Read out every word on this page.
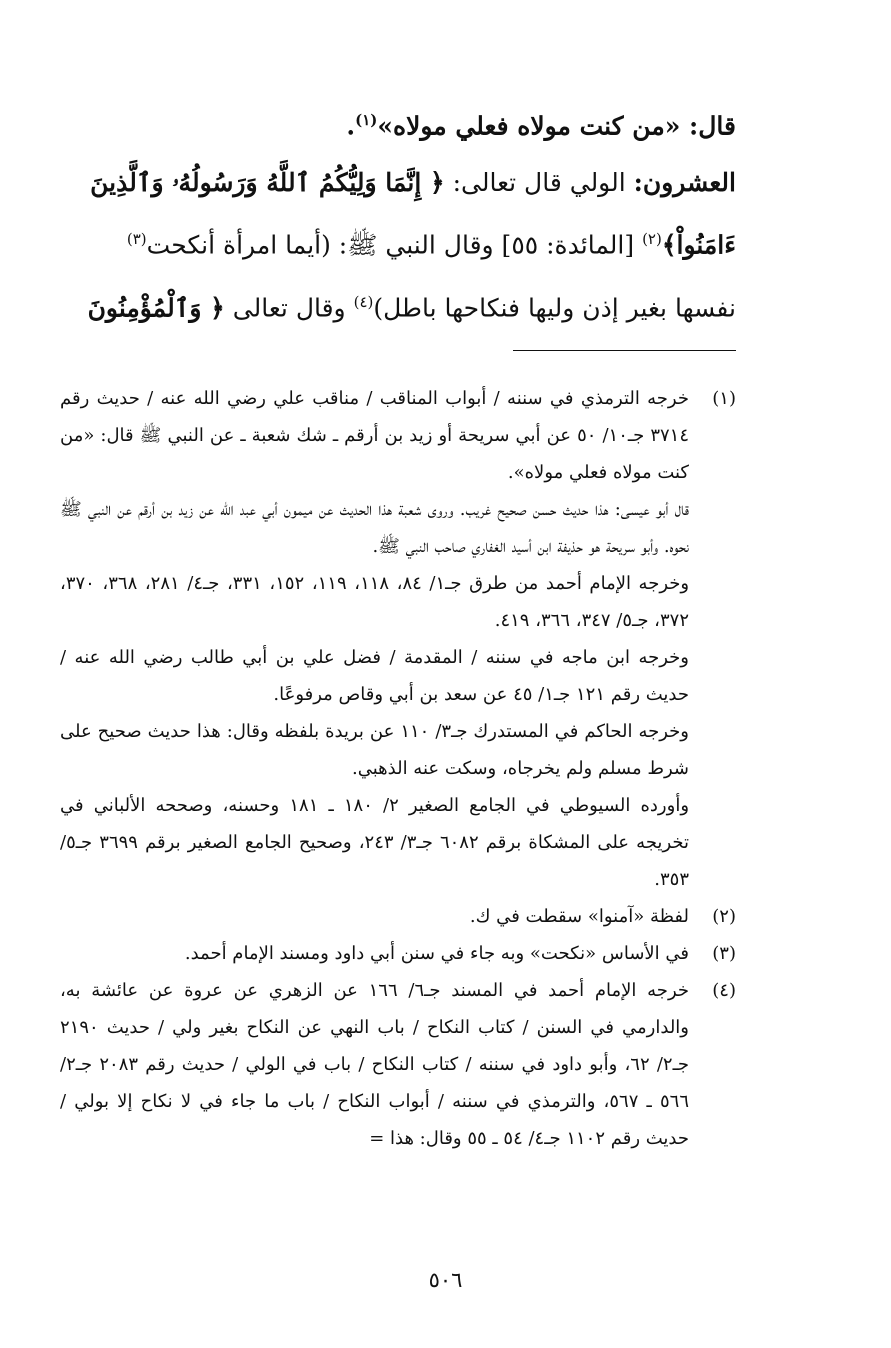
قال: «من كنت مولاه فعلي مولاه»$^{(١)}$.
العشرون: الولي قال تعالى: ﴿ إِنَّمَا وَلِيُّكُمُ ٱللَّهُ وَرَسُولُهُۥ وَٱلَّذِينَ
ءَامَنُواْ﴾$^{(٢)}$ [المائدة: ٥٥] وقال النبي ﷺ: (أيما امرأة أنكحت$^{(٣)}$
نفسها بغير إذن وليها فنكاحها باطل)$^{(٤)}$ وقال تعالى ﴿ وَٱلْمُؤْمِنُونَ
(١)

خرجه الترمذي في سننه / أبواب المناقب / مناقب علي رضي الله عنه / حديث رقم ٣٧١٤ جـ١٠/ ٥٠ عن أبي سريحة أو زيد بن أرقم ـ شك شعبة ـ عن النبي ﷺ قال: «من كنت مولاه فعلي مولاه».

قال أبو عيسى: هذا حديث حسن صحيح غريب. وروى شعبة هذا الحديث عن ميمون أبي عبد الله عن زيد بن أرقم عن النبي ﷺ نحوه. وأبو سريحة هو حذيفة ابن أسيد الغفاري صاحب النبي ﷺ.

وخرجه الإمام أحمد من طرق جـ١/ ٨٤، ١١٨، ١١٩، ١٥٢، ٣٣١، جـ٤/ ٢٨١، ٣٦٨، ٣٧٠، ٣٧٢، جـ٥/ ٣٤٧، ٣٦٦، ٤١٩.

وخرجه ابن ماجه في سننه / المقدمة / فضل علي بن أبي طالب رضي الله عنه / حديث رقم ١٢١ جـ١/ ٤٥ عن سعد بن أبي وقاص مرفوعًا.

وخرجه الحاكم في المستدرك جـ٣/ ١١٠ عن بريدة بلفظه وقال: هذا حديث صحيح على شرط مسلم ولم يخرجاه، وسكت عنه الذهبي.

وأورده السيوطي في الجامع الصغير ٢/ ١٨٠ ـ ١٨١ وحسنه، وصححه الألباني في تخريجه على المشكاة برقم ٦٠٨٢ جـ٣/ ٢٤٣، وصحيح الجامع الصغير برقم ٣٦٩٩ جـ٥/ ٣٥٣.

(٢)

لفظة «آمنوا» سقطت في ك.

(٣)

في الأساس «نكحت» وبه جاء في سنن أبي داود ومسند الإمام أحمد.

(٤)

خرجه الإمام أحمد في المسند جـ٦/ ١٦٦ عن الزهري عن عروة عن عائشة به، والدارمي في السنن / كتاب النكاح / باب النهي عن النكاح بغير ولي / حديث ٢١٩٠ جـ٢/ ٦٢، وأبو داود في سننه / كتاب النكاح / باب في الولي / حديث رقم ٢٠٨٣ جـ٢/ ٥٦٦ ـ ٥٦٧، والترمذي في سننه / أبواب النكاح / باب ما جاء في لا نكاح إلا بولي / حديث رقم ١١٠٢ جـ٤/ ٥٤ ـ ٥٥ وقال: هذا =

٥٠٦
